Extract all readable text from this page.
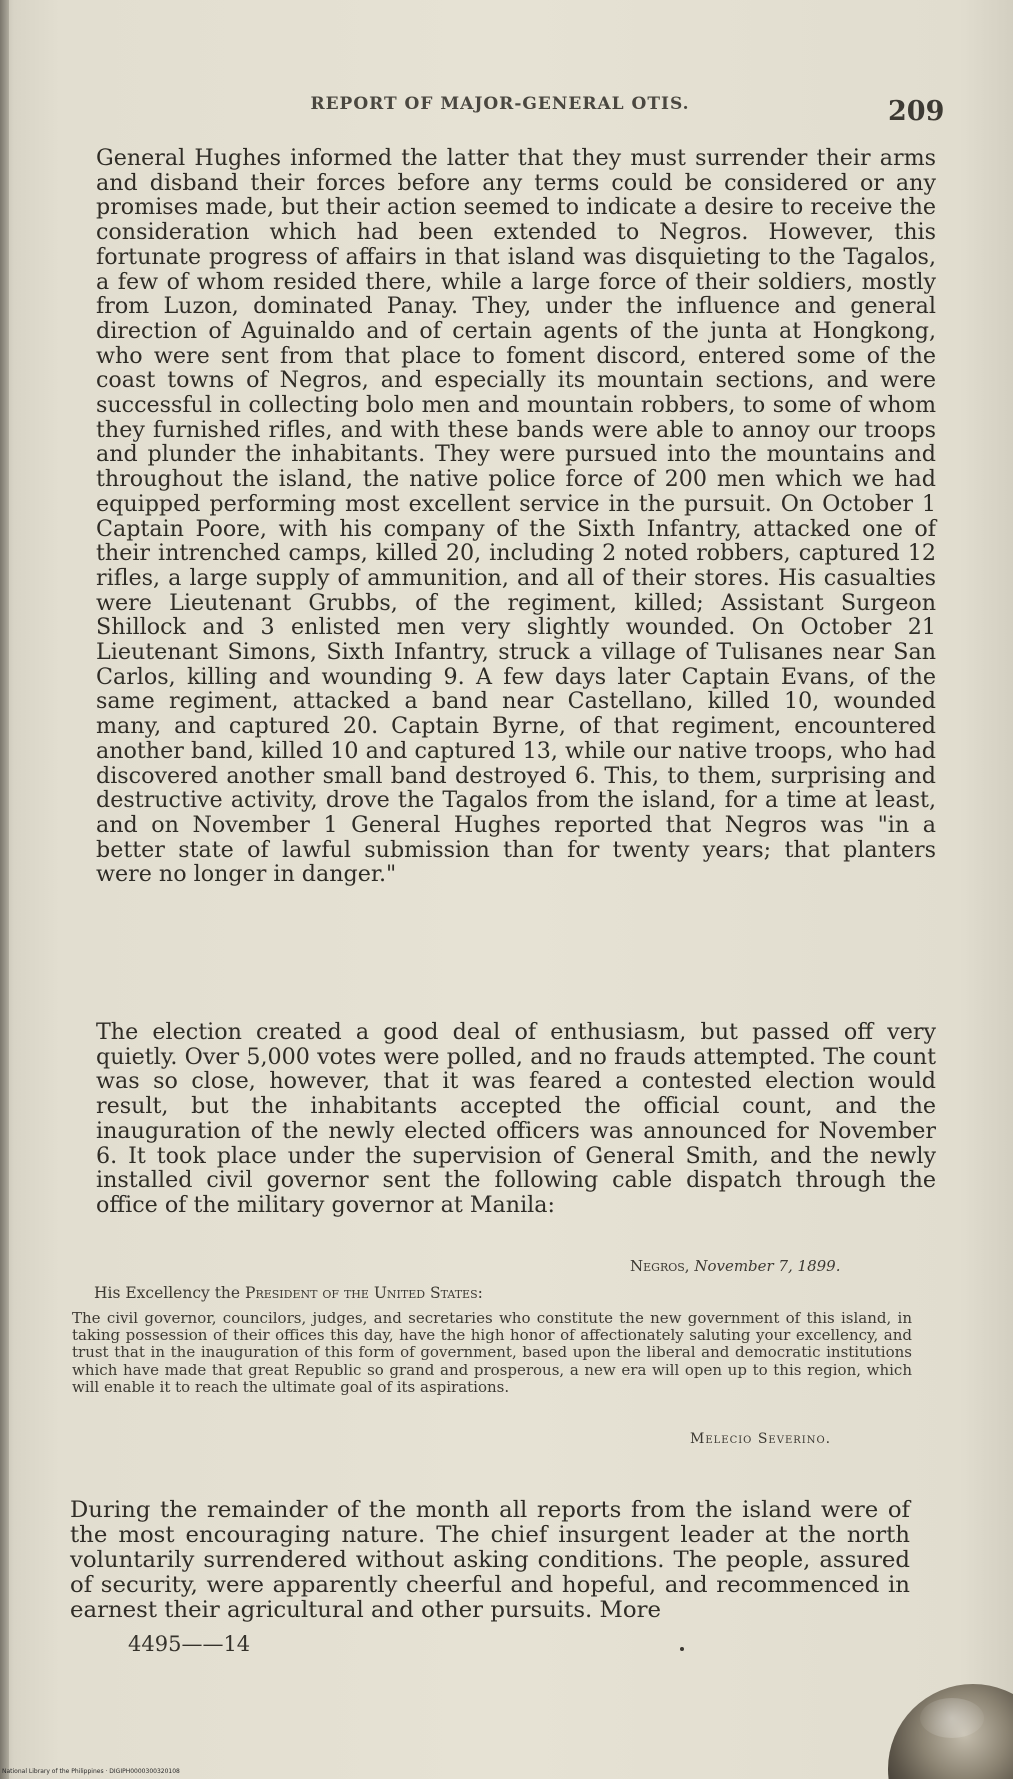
REPORT OF MAJOR-GENERAL OTIS.	209

General Hughes informed the latter that they must surrender their arms and disband their forces before any terms could be considered or any promises made, but their action seemed to indicate a desire to receive the consideration which had been extended to Negros. However, this fortunate progress of affairs in that island was disquieting to the Tagalos, a few of whom resided there, while a large force of their soldiers, mostly from Luzon, dominated Panay. They, under the influence and general direction of Aguinaldo and of certain agents of the junta at Hongkong, who were sent from that place to foment discord, entered some of the coast towns of Negros, and especially its mountain sections, and were successful in collecting bolo men and mountain robbers, to some of whom they furnished rifles, and with these bands were able to annoy our troops and plunder the inhabitants. They were pursued into the mountains and throughout the island, the native police force of 200 men which we had equipped performing most excellent service in the pursuit. On October 1 Captain Poore, with his company of the Sixth Infantry, attacked one of their intrenched camps, killed 20, including 2 noted robbers, captured 12 rifles, a large supply of ammunition, and all of their stores. His casualties were Lieutenant Grubbs, of the regiment, killed; Assistant Surgeon Shillock and 3 enlisted men very slightly wounded. On October 21 Lieutenant Simons, Sixth Infantry, struck a village of Tulisanes near San Carlos, killing and wounding 9. A few days later Captain Evans, of the same regiment, attacked a band near Castellano, killed 10, wounded many, and captured 20. Captain Byrne, of that regiment, encountered another band, killed 10 and captured 13, while our native troops, who had discovered another small band destroyed 6. This, to them, surprising and destructive activity, drove the Tagalos from the island, for a time at least, and on November 1 General Hughes reported that Negros was "in a better state of lawful submission than for twenty years; that planters were no longer in danger."

The election created a good deal of enthusiasm, but passed off very quietly. Over 5,000 votes were polled, and no frauds attempted. The count was so close, however, that it was feared a contested election would result, but the inhabitants accepted the official count, and the inauguration of the newly elected officers was announced for November 6. It took place under the supervision of General Smith, and the newly installed civil governor sent the following cable dispatch through the office of the military governor at Manila:

Negros, November 7, 1899.
His Excellency the President of the United States:
The civil governor, councilors, judges, and secretaries who constitute the new government of this island, in taking possession of their offices this day, have the high honor of affectionately saluting your excellency, and trust that in the inauguration of this form of government, based upon the liberal and democratic institutions which have made that great Republic so grand and prosperous, a new era will open up to this region, which will enable it to reach the ultimate goal of its aspirations.
Melecio Severino.
During the remainder of the month all reports from the island were of the most encouraging nature. The chief insurgent leader at the north voluntarily surrendered without asking conditions. The people, assured of security, were apparently cheerful and hopeful, and recommenced in earnest their agricultural and other pursuits. More
4495——14
National Library of the Philippines · DIGIPH0000300320108
